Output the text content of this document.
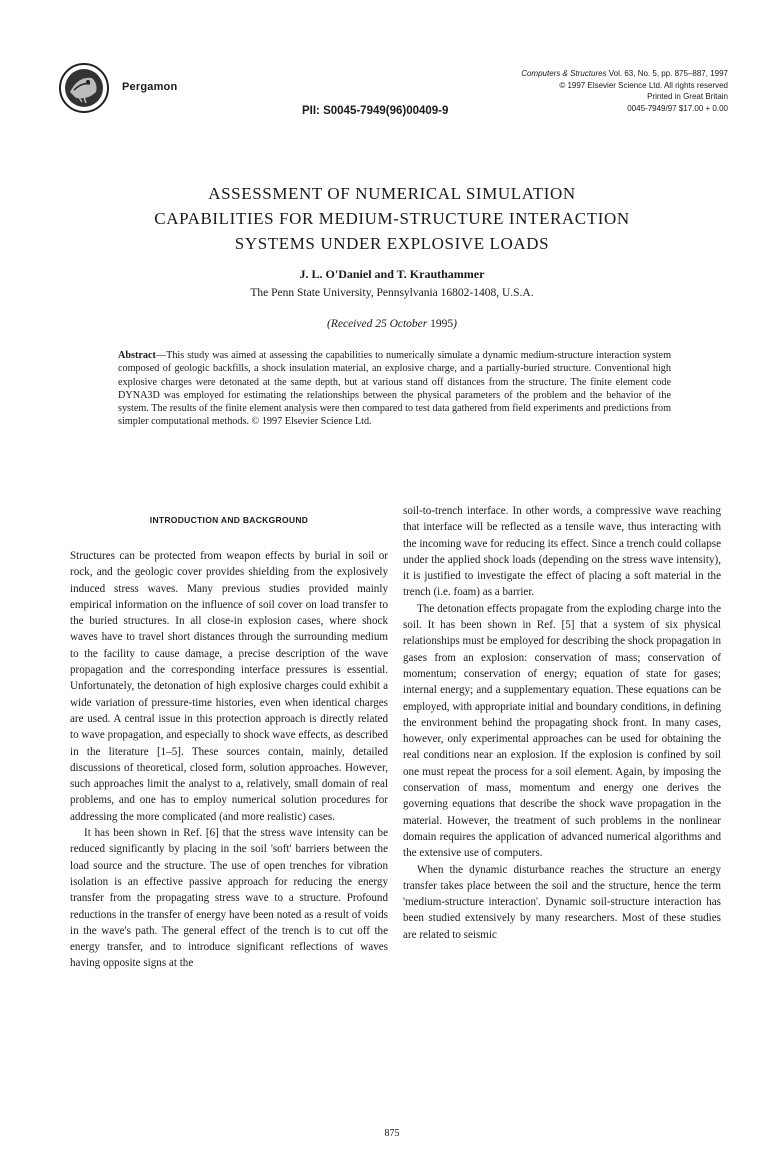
Pergamon
PII: S0045-7949(96)00409-9
Computers & Structures Vol. 63, No. 5, pp. 875–887, 1997
© 1997 Elsevier Science Ltd. All rights reserved
Printed in Great Britain
0045-7949/97 $17.00 + 0.00
ASSESSMENT OF NUMERICAL SIMULATION
CAPABILITIES FOR MEDIUM-STRUCTURE INTERACTION
SYSTEMS UNDER EXPLOSIVE LOADS
J. L. O'Daniel and T. Krauthammer
The Penn State University, Pennsylvania 16802-1408, U.S.A.
(Received 25 October 1995)
Abstract—This study was aimed at assessing the capabilities to numerically simulate a dynamic medium-structure interaction system composed of geologic backfills, a shock insulation material, an explosive charge, and a partially-buried structure. Conventional high explosive charges were detonated at the same depth, but at various stand off distances from the structure. The finite element code DYNA3D was employed for estimating the relationships between the physical parameters of the problem and the behavior of the system. The results of the finite element analysis were then compared to test data gathered from field experiments and predictions from simpler computational methods. © 1997 Elsevier Science Ltd.
INTRODUCTION AND BACKGROUND

Structures can be protected from weapon effects by burial in soil or rock, and the geologic cover provides shielding from the explosively induced stress waves. Many previous studies provided mainly empirical information on the influence of soil cover on load transfer to the buried structures. In all close-in explosion cases, where shock waves have to travel short distances through the surrounding medium to the facility to cause damage, a precise description of the wave propagation and the corresponding interface pressures is essential. Unfortunately, the detonation of high explosive charges could exhibit a wide variation of pressure-time histories, even when identical charges are used. A central issue in this protection approach is directly related to wave propagation, and especially to shock wave effects, as described in the literature [1–5]. These sources contain, mainly, detailed discussions of theoretical, closed form, solution approaches. However, such approaches limit the analyst to a, relatively, small domain of real problems, and one has to employ numerical solution procedures for addressing the more complicated (and more realistic) cases.

It has been shown in Ref. [6] that the stress wave intensity can be reduced significantly by placing in the soil 'soft' barriers between the load source and the structure. The use of open trenches for vibration isolation is an effective passive approach for reducing the energy transfer from the propagating stress wave to a structure. Profound reductions in the transfer of energy have been noted as a result of voids in the wave's path. The general effect of the trench is to cut off the energy transfer, and to introduce significant reflections of waves having opposite signs at the

soil-to-trench interface. In other words, a compressive wave reaching that interface will be reflected as a tensile wave, thus interacting with the incoming wave for reducing its effect. Since a trench could collapse under the applied shock loads (depending on the stress wave intensity), it is justified to investigate the effect of placing a soft material in the trench (i.e. foam) as a barrier.

The detonation effects propagate from the exploding charge into the soil. It has been shown in Ref. [5] that a system of six physical relationships must be employed for describing the shock propagation in gases from an explosion: conservation of mass; conservation of momentum; conservation of energy; equation of state for gases; internal energy; and a supplementary equation. These equations can be employed, with appropriate initial and boundary conditions, in defining the environment behind the propagating shock front. In many cases, however, only experimental approaches can be used for obtaining the real conditions near an explosion. If the explosion is confined by soil one must repeat the process for a soil element. Again, by imposing the conservation of mass, momentum and energy one derives the governing equations that describe the shock wave propagation in the material. However, the treatment of such problems in the nonlinear domain requires the application of advanced numerical algorithms and the extensive use of computers.

When the dynamic disturbance reaches the structure an energy transfer takes place between the soil and the structure, hence the term 'medium-structure interaction'. Dynamic soil-structure interaction has been studied extensively by many researchers. Most of these studies are related to seismic

875
